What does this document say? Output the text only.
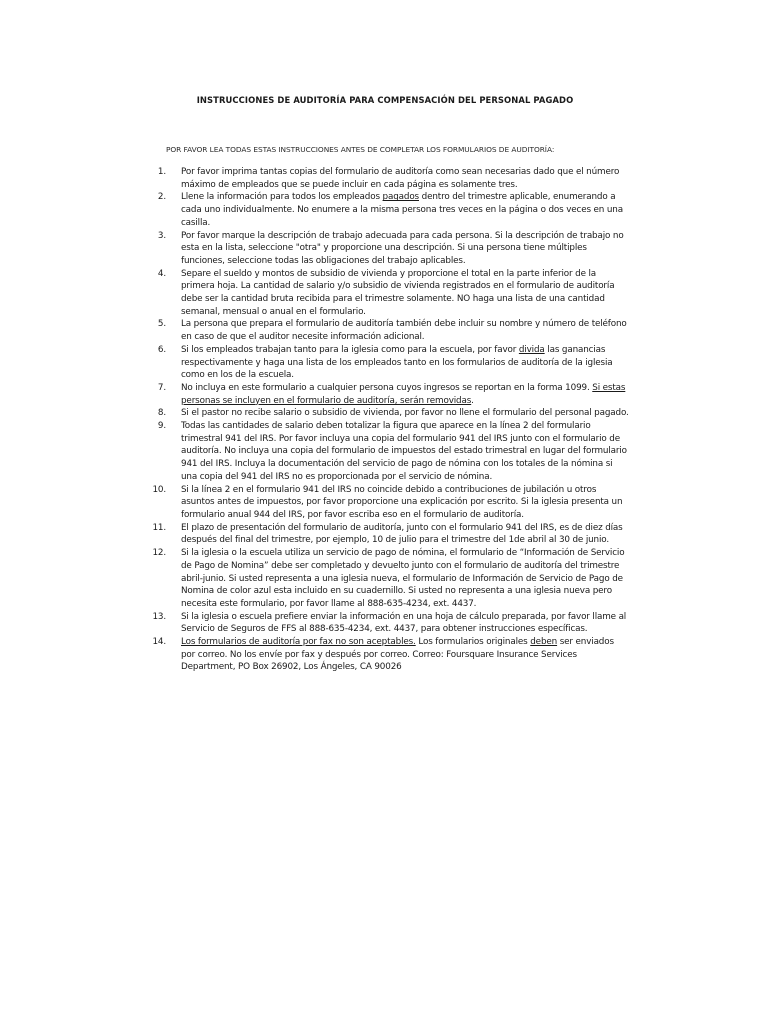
INSTRUCCIONES DE AUDITORÍA PARA COMPENSACIÓN DEL PERSONAL PAGADO
POR FAVOR LEA TODAS ESTAS INSTRUCCIONES ANTES DE COMPLETAR LOS FORMULARIOS DE AUDITORÍA:
1. Por favor imprima tantas copias del formulario de auditoría como sean necesarias dado que el número máximo de empleados que se puede incluir en cada página es solamente tres.
2. Llene la información para todos los empleados pagados dentro del trimestre aplicable, enumerando a cada uno individualmente. No enumere a la misma persona tres veces en la página o dos veces en una casilla.
3. Por favor marque la descripción de trabajo adecuada para cada persona. Si la descripción de trabajo no esta en la lista, seleccione "otra" y proporcione una descripción. Si una persona tiene múltiples funciones, seleccione todas las obligaciones del trabajo aplicables.
4. Separe el sueldo y montos de subsidio de vivienda y proporcione el total en la parte inferior de la primera hoja. La cantidad de salario y/o subsidio de vivienda registrados en el formulario de auditoría debe ser la cantidad bruta recibida para el trimestre solamente. NO haga una lista de una cantidad semanal, mensual o anual en el formulario.
5. La persona que prepara el formulario de auditoría también debe incluir su nombre y número de teléfono en caso de que el auditor necesite información adicional.
6. Si los empleados trabajan tanto para la iglesia como para la escuela, por favor divida las ganancias respectivamente y haga una lista de los empleados tanto en los formularios de auditoría de la iglesia como en los de la escuela.
7. No incluya en este formulario a cualquier persona cuyos ingresos se reportan en la forma 1099. Si estas personas se incluyen en el formulario de auditoría, serán removidas.
8. Si el pastor no recibe salario o subsidio de vivienda, por favor no llene el formulario del personal pagado.
9. Todas las cantidades de salario deben totalizar la figura que aparece en la línea 2 del formulario trimestral 941 del IRS. Por favor incluya una copia del formulario 941 del IRS junto con el formulario de auditoría. No incluya una copia del formulario de impuestos del estado trimestral en lugar del formulario 941 del IRS. Incluya la documentación del servicio de pago de nómina con los totales de la nómina si una copia del 941 del IRS no es proporcionada por el servicio de nómina.
10. Si la línea 2 en el formulario 941 del IRS no coincide debido a contribuciones de jubilación u otros asuntos antes de impuestos, por favor proporcione una explicación por escrito. Si la iglesia presenta un formulario anual 944 del IRS, por favor escriba eso en el formulario de auditoría.
11. El plazo de presentación del formulario de auditoría, junto con el formulario 941 del IRS, es de diez días después del final del trimestre, por ejemplo, 10 de julio para el trimestre del 1de abril al 30 de junio.
12. Si la iglesia o la escuela utiliza un servicio de pago de nómina, el formulario de “Información de Servicio de Pago de Nomina” debe ser completado y devuelto junto con el formulario de auditoría del trimestre abril-junio. Si usted representa a una iglesia nueva, el formulario de Información de Servicio de Pago de Nomina de color azul esta incluido en su cuadernillo. Si usted no representa a una iglesia nueva pero necesita este formulario, por favor llame al 888-635-4234, ext. 4437.
13. Si la iglesia o escuela prefiere enviar la información en una hoja de cálculo preparada, por favor llame al Servicio de Seguros de FFS al 888-635-4234, ext. 4437, para obtener instrucciones específicas.
14. Los formularios de auditoría por fax no son aceptables. Los formularios originales deben ser enviados por correo. No los envíe por fax y después por correo. Correo: Foursquare Insurance Services Department, PO Box 26902, Los Ángeles, CA 90026
